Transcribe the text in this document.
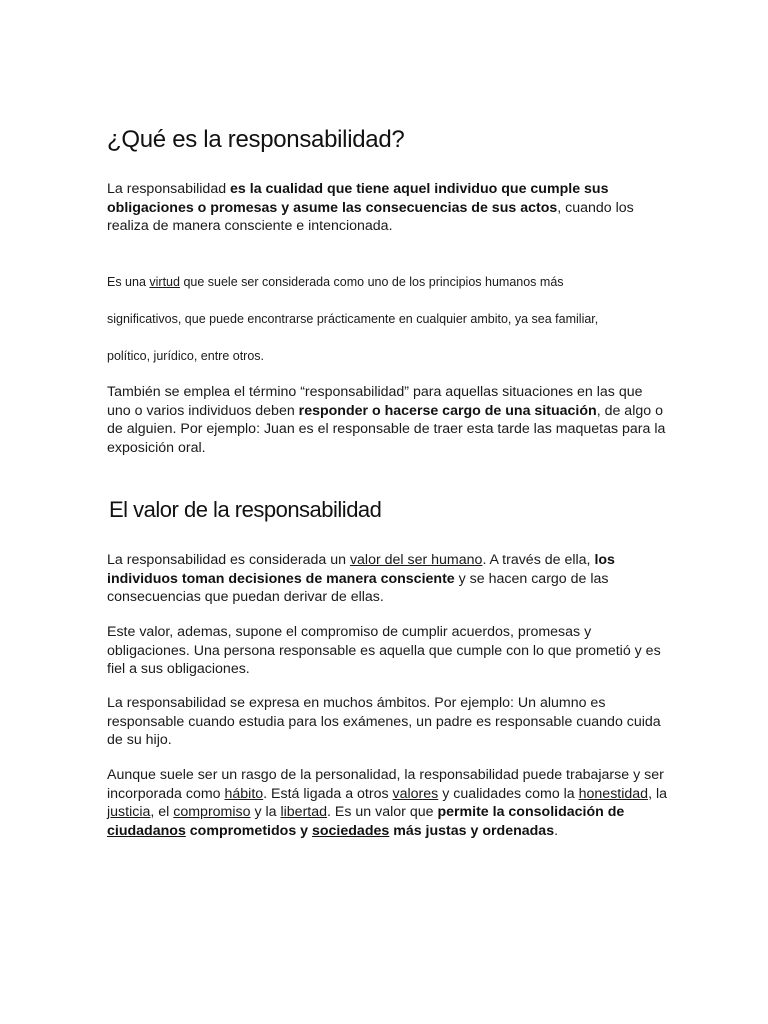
¿Qué es la responsabilidad?

La responsabilidad es la cualidad que tiene aquel individuo que cumple sus obligaciones o promesas y asume las consecuencias de sus actos, cuando los realiza de manera consciente e intencionada.

Es una virtud que suele ser considerada como uno de los principios humanos más

significativos, que puede encontrarse prácticamente en cualquier ambito, ya sea familiar,

político, jurídico, entre otros.

También se emplea el término “responsabilidad” para aquellas situaciones en las que uno o varios individuos deben responder o hacerse cargo de una situación, de algo o de alguien. Por ejemplo: Juan es el responsable de traer esta tarde las maquetas para la exposición oral.

El valor de la responsabilidad

La responsabilidad es considerada un valor del ser humano. A través de ella, los individuos toman decisiones de manera consciente y se hacen cargo de las consecuencias que puedan derivar de ellas.

Este valor, ademas, supone el compromiso de cumplir acuerdos, promesas y obligaciones. Una persona responsable es aquella que cumple con lo que prometió y es fiel a sus obligaciones.

La responsabilidad se expresa en muchos ámbitos. Por ejemplo: Un alumno es responsable cuando estudia para los exámenes, un padre es responsable cuando cuida de su hijo.

Aunque suele ser un rasgo de la personalidad, la responsabilidad puede trabajarse y ser incorporada como hábito. Está ligada a otros valores y cualidades como la honestidad, la justicia, el compromiso y la libertad. Es un valor que permite la consolidación de ciudadanos comprometidos y sociedades más justas y ordenadas.
